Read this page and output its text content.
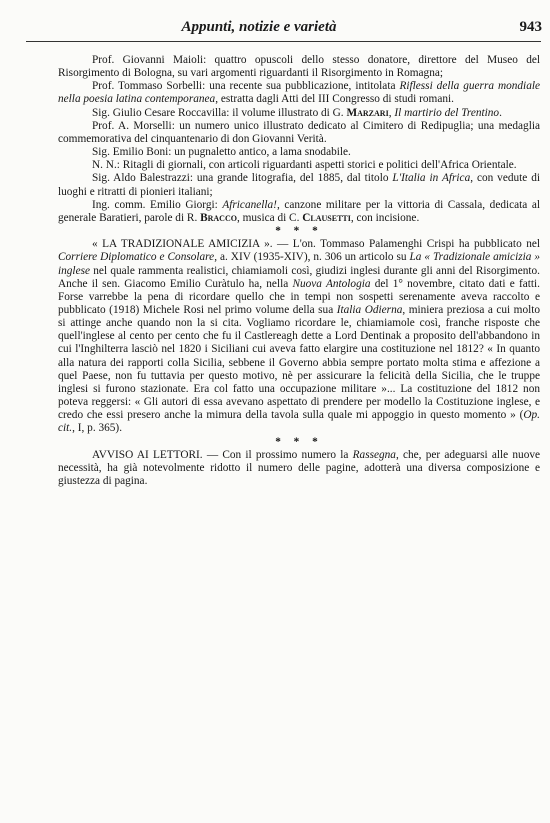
Appunti, notizie e varietà	943

Prof. Giovanni Maioli: quattro opuscoli dello stesso donatore, direttore del Museo del Risorgimento di Bologna, su vari argomenti riguardanti il Risorgimento in Romagna;

Prof. Tommaso Sorbelli: una recente sua pubblicazione, intitolata Riflessi della guerra mondiale nella poesia latina contemporanea, estratta dagli Atti del III Congresso di studi romani.

Sig. Giulio Cesare Roccavilla: il volume illustrato di G. Marzari, Il martirio del Trentino.

Prof. A. Morselli: un numero unico illustrato dedicato al Cimitero di Redipuglia; una medaglia commemorativa del cinquantenario di don Giovanni Verità.

Sig. Emilio Boni: un pugnaletto antico, a lama snodabile.

N. N.: Ritagli di giornali, con articoli riguardanti aspetti storici e politici dell'Africa Orientale.

Sig. Aldo Balestrazzi: una grande litografia, del 1885, dal titolo L'Italia in Africa, con vedute di luoghi e ritratti di pionieri italiani;

Ing. comm. Emilio Giorgi: Africanella!, canzone militare per la vittoria di Cassala, dedicata al generale Baratieri, parole di R. Bracco, musica di C. Clausetti, con incisione.

* * *

« LA TRADIZIONALE AMICIZIA ». — L'on. Tommaso Palamenghi Crispi ha pubblicato nel Corriere Diplomatico e Consolare, a. XIV (1935-XIV), n. 306 un articolo su La « Tradizionale amicizia » inglese nel quale rammenta realistici, chiamiamoli così, giudizi inglesi durante gli anni del Risorgimento. Anche il sen. Giacomo Emilio Curàtulo ha, nella Nuova Antologia del 1° novembre, citato dati e fatti. Forse varrebbe la pena di ricordare quello che in tempi non sospetti serenamente aveva raccolto e pubblicato (1918) Michele Rosi nel primo volume della sua Italia Odierna, miniera preziosa a cui molto si attinge anche quando non la si cita. Vogliamo ricordare le, chiamiamole così, franche risposte che quell'inglese al cento per cento che fu il Castlereagh dette a Lord Dentinak a proposito dell'abbandono in cui l'Inghilterra lasciò nel 1820 i Siciliani cui aveva fatto elargire una costituzione nel 1812? « In quanto alla natura dei rapporti colla Sicilia, sebbene il Governo abbia sempre portato molta stima e affezione a quel Paese, non fu tuttavia per questo motivo, nè per assicurare la felicità della Sicilia, che le truppe inglesi si furono stazionate. Era col fatto una occupazione militare »... La costituzione del 1812 non poteva reggersi: « Gli autori di essa avevano aspettato di prendere per modello la Costituzione inglese, e credo che essi presero anche la mimura della tavola sulla quale mi appoggio in questo momento » (Op. cit., I, p. 365).

* * *

AVVISO AI LETTORI. — Con il prossimo numero la Rassegna, che, per adeguarsi alle nuove necessità, ha già notevolmente ridotto il numero delle pagine, adotterà una diversa composizione e giustezza di pagina.
